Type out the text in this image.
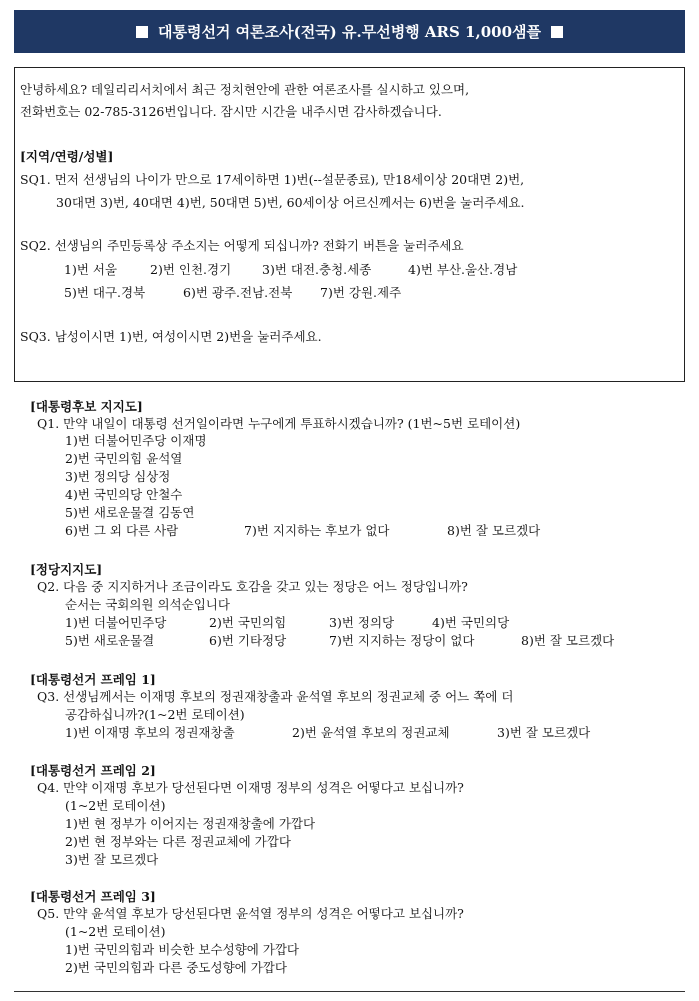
대통령선거 여론조사(전국) 유.무선병행 ARS 1,000샘플
안녕하세요? 데일리리서치에서 최근 정치현안에 관한 여론조사를 실시하고 있으며,
전화번호는 02-785-3126번입니다. 잠시만 시간을 내주시면 감사하겠습니다.
[지역/연령/성별]
SQ1. 먼저 선생님의 나이가 만으로 17세이하면 1)번(--설문종료), 만18세이상 20대면 2)번,
30대면 3)번, 40대면 4)번, 50대면 5)번, 60세이상 어르신께서는 6)번을 눌러주세요.
SQ2. 선생님의 주민등록상 주소지는 어떻게 되십니까? 전화기 버튼을 눌러주세요
1)번 서울	2)번 인천.경기 3)번 대전.충청.세종	4)번 부산.울산.경남
5)번 대구.경북	6)번 광주.전남.전북 7)번 강원.제주
SQ3. 남성이시면 1)번, 여성이시면 2)번을 눌러주세요.
[대통령후보 지지도]
Q1. 만약 내일이 대통령 선거일이라면 누구에게 투표하시겠습니까? (1번~5번 로테이션)
1)번 더불어민주당 이재명
2)번 국민의힘 윤석열
3)번 정의당 심상정
4)번 국민의당 안철수
5)번 새로운물결 김동연
6)번 그 외 다른 사람	7)번 지지하는 후보가 없다	8)번 잘 모르겠다
[정당지지도]
Q2. 다음 중 지지하거나 조금이라도 호감을 갖고 있는 정당은 어느 정당입니까?
순서는 국회의원 의석순입니다
1)번 더불어민주당	2)번 국민의힘	3)번 정의당	4)번 국민의당
5)번 새로운물결	6)번 기타정당	7)번 지지하는 정당이 없다	8)번 잘 모르겠다
[대통령선거 프레임 1]
Q3. 선생님께서는 이재명 후보의 정권재창출과 윤석열 후보의 정권교체 중 어느 쪽에 더
공감하십니까?(1~2번 로테이션)
1)번 이재명 후보의 정권재창출	2)번 윤석열 후보의 정권교체	3)번 잘 모르겠다
[대통령선거 프레임 2]
Q4. 만약 이재명 후보가 당선된다면 이재명 정부의 성격은 어떻다고 보십니까?
(1~2번 로테이션)
1)번 현 정부가 이어지는 정권재창출에 가깝다
2)번 현 정부와는 다른 정권교체에 가깝다
3)번 잘 모르겠다
[대통령선거 프레임 3]
Q5. 만약 윤석열 후보가 당선된다면 윤석열 정부의 성격은 어떻다고 보십니까?
(1~2번 로테이션)
1)번 국민의힘과 비슷한 보수성향에 가깝다
2)번 국민의힘과 다른 중도성향에 가깝다
